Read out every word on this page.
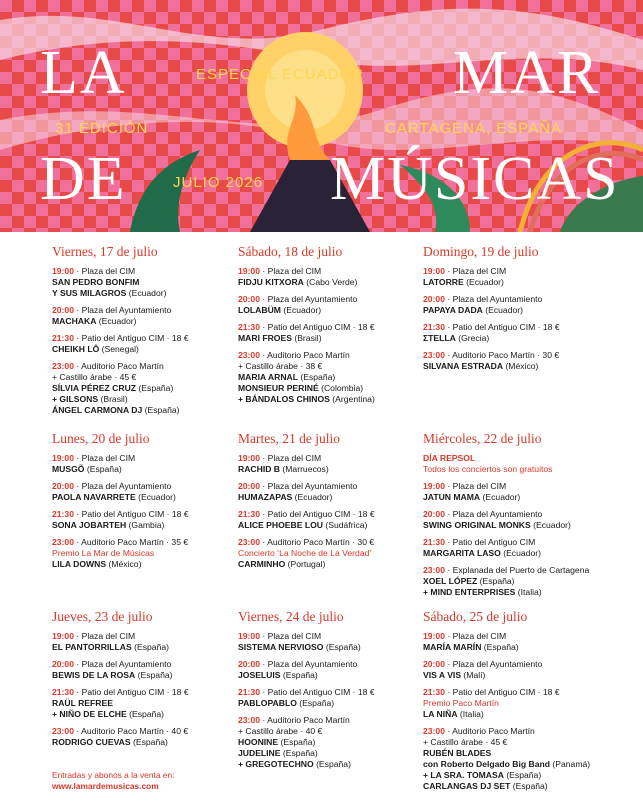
LA	MAR
DE	MÚSICAS
ESPECIAL ECUADOR
31 EDICIÓN	CARTAGENA, ESPAÑA
JULIO 2026
Viernes, 17 de julio
19:00 · Plaza del CIM
SAN PEDRO BONFIM
Y SUS MILAGROS (Ecuador)
20:00 · Plaza del Ayuntamiento
MACHAKA (Ecuador)
21:30 · Patio del Antiguo CIM · 18 €
CHEIKH LÔ (Senegal)
23:00 · Auditorio Paco Martín
+ Castillo árabe · 45 €
SÍLVIA PÉREZ CRUZ (España)
+ GILSONS (Brasil)
ÁNGEL CARMONA DJ (España)
Sábado, 18 de julio
19:00 · Plaza del CIM
FIDJU KITXORA (Cabo Verde)
20:00 · Plaza del Ayuntamiento
LOLABÜM (Ecuador)
21:30 · Patio del Antiguo CIM · 18 €
MARI FROES (Brasil)
23:00 · Auditorio Paco Martín
+ Castillo árabe · 38 €
MARIA ARNAL (España)
MONSIEUR PERINÉ (Colombia)
+ BÁNDALOS CHINOS (Argentina)
Domingo, 19 de julio
19:00 · Plaza del CIM
LATORRE (Ecuador)
20:00 · Plaza del Ayuntamiento
PAPAYA DADA (Ecuador)
21:30 · Patio del Antiguo CIM · 18 €
ΣTELLA (Grecia)
23:00 · Auditorio Paco Martín · 30 €
SILVANA ESTRADA (México)
Lunes, 20 de julio
19:00 · Plaza del CIM
MUSGÕ (España)
20:00 · Plaza del Ayuntamiento
PAOLA NAVARRETE (Ecuador)
21:30 · Patio del Antiguo CIM · 18 €
SONA JOBARTEH (Gambia)
23:00 · Auditorio Paco Martín · 35 €
Premio La Mar de Músicas
LILA DOWNS (México)
Martes, 21 de julio
19:00 · Plaza del CIM
RACHID B (Marruecos)
20:00 · Plaza del Ayuntamiento
HUMAZAPAS (Ecuador)
21:30 · Patio del Antiguo CIM · 18 €
ALICE PHOEBE LOU (Sudáfrica)
23:00 · Auditorio Paco Martín · 30 €
Concierto ‘La Noche de La Verdad’
CARMINHO (Portugal)
Miércoles, 22 de julio
DÍA REPSOL
Todos los conciertos son gratuitos
19:00 · Plaza del CIM
JATUN MAMA (Ecuador)
20:00 · Plaza del Ayuntamiento
SWING ORIGINAL MONKS (Ecuador)
21:30 · Patio del Antiguo CIM
MARGARITA LASO (Ecuador)
23:00 · Explanada del Puerto de Cartagena
XOEL LÓPEZ (España)
+ MIND ENTERPRISES (Italia)
Jueves, 23 de julio
19:00 · Plaza del CIM
EL PANTORRILLAS (España)
20:00 · Plaza del Ayuntamiento
BEWIS DE LA ROSA (España)
21:30 · Patio del Antiguo CIM · 18 €
RAÜL REFREE
+ NIÑO DE ELCHE (España)
23:00 · Auditorio Paco Martín · 40 €
RODRIGO CUEVAS (España)
Viernes, 24 de julio
19:00 · Plaza del CIM
SISTEMA NERVIOSO (España)
20:00 · Plaza del Ayuntamiento
JOSELUIS (España)
21:30 · Patio del Antiguo CIM · 18 €
PABLOPABLO (España)
23:00 · Auditorio Paco Martín
+ Castillo árabe · 40 €
HOONINE (España)
JUDELINE (España)
+ GREGOTECHNO (España)
Sábado, 25 de julio
19:00 · Plaza del CIM
MARÍA MARÍN (España)
20:00 · Plaza del Ayuntamiento
VIS A VIS (Malí)
21:30 · Patio del Antiguo CIM · 18 €
Premio Paco Martín
LA NIÑA (Italia)
23:00 · Auditorio Paco Martín
+ Castillo árabe · 45 €
RUBÉN BLADES
con Roberto Delgado Big Band (Panamá)
+ LA SRA. TOMASA (España)
CARLANGAS DJ SET (España)
Entradas y abonos a la venta en:
www.lamardemusicas.com
